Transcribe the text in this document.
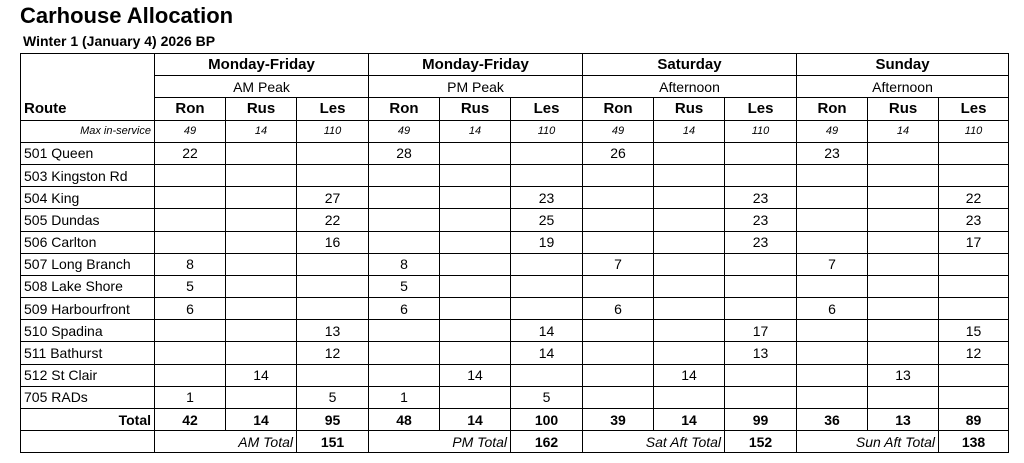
Carhouse Allocation
Winter 1 (January 4) 2026 BP
	Monday-Friday			Monday-Friday			Saturday			Sunday		
	AM Peak			PM Peak			Afternoon			Afternoon		
Route	Ron	Rus	Les	Ron	Rus	Les	Ron	Rus	Les	Ron	Rus	Les
Max in-service	49	14	110	49	14	110	49	14	110	49	14	110
501 Queen	22			28			26			23		
503 Kingston Rd												
504 King			27			23			23			22
505 Dundas			22			25			23			23
506 Carlton			16			19			23			17
507 Long Branch	8			8			7			7		
508 Lake Shore	5			5								
509 Harbourfront	6			6			6			6		
510 Spadina			13			14			17			15
511 Bathurst			12			14			13			12
512 St Clair		14			14			14			13	
705 RADs	1		5	1		5						
Total	42	14	95	48	14	100	39	14	99	36	13	89
	AM Total		151	PM Total		162	Sat Aft Total		152	Sun Aft Total		138
